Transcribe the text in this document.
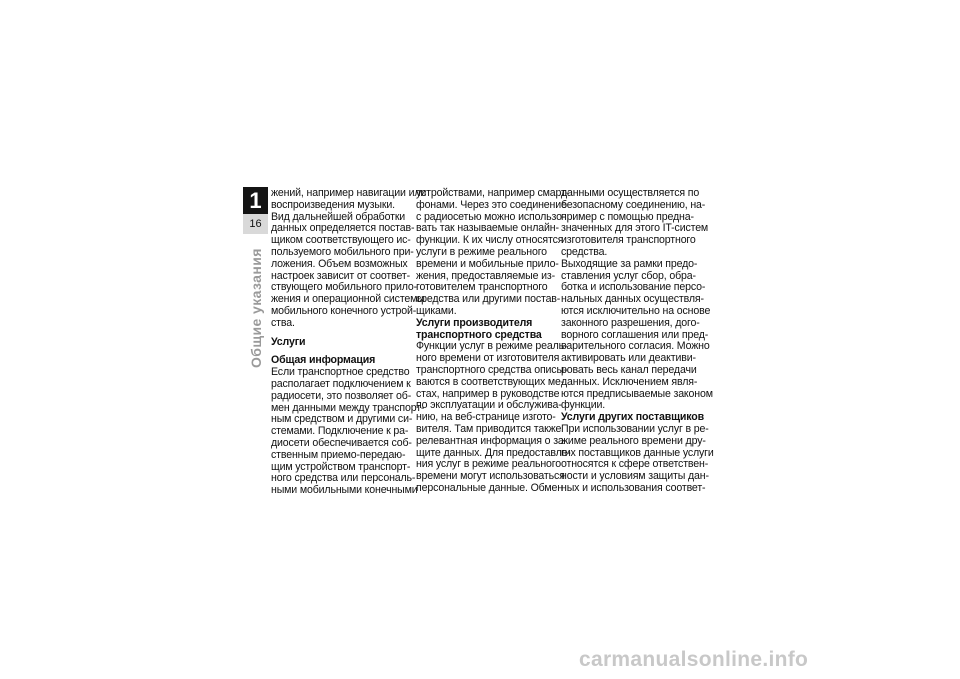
1
16
Общие указания
жений, например навигации или
воспроизведения музыки.
Вид дальнейшей обработки
данных определяется постав-
щиком соответствующего ис-
пользуемого мобильного при-
ложения. Объем возможных
настроек зависит от соответ-
ствующего мобильного прило-
жения и операционной системы
мобильного конечного устрой-
ства.
Услуги
Общая информация
Если транспортное средство
располагает подключением к
радиосети, это позволяет об-
мен данными между транспорт-
ным средством и другими си-
стемами. Подключение к ра-
диосети обеспечивается соб-
ственным приемо-передаю-
щим устройством транспорт-
ного средства или персональ-
ными мобильными конечными
устройствами, например смарт-
фонами. Через это соединение
с радиосетью можно использо-
вать так называемые онлайн-
функции. К их числу относятся
услуги в режиме реального
времени и мобильные прило-
жения, предоставляемые из-
готовителем транспортного
средства или другими постав-
щиками.
Услуги производителя
транспортного средства
Функции услуг в режиме реаль-
ного времени от изготовителя
транспортного средства описы-
ваются в соответствующих ме-
стах, например в руководстве
по эксплуатации и обслужива-
нию, на веб-странице изгото-
вителя. Там приводится также
релевантная информация о за-
щите данных. Для предоставле-
ния услуг в режиме реального
времени могут использоваться
персональные данные. Обмен
данными осуществляется по
безопасному соединению, на-
пример с помощью предна-
значенных для этого IT-систем
изготовителя транспортного
средства.
Выходящие за рамки предо-
ставления услуг сбор, обра-
ботка и использование персо-
нальных данных осуществля-
ются исключительно на основе
законного разрешения, дого-
ворного соглашения или пред-
варительного согласия. Можно
активировать или деактиви-
ровать весь канал передачи
данных. Исключением явля-
ются предписываемые законом
функции.
Услуги других поставщиков
При использовании услуг в ре-
жиме реального времени дру-
гих поставщиков данные услуги
относятся к сфере ответствен-
ности и условиям защиты дан-
ных и использования соответ-
carmanualsonline.info
